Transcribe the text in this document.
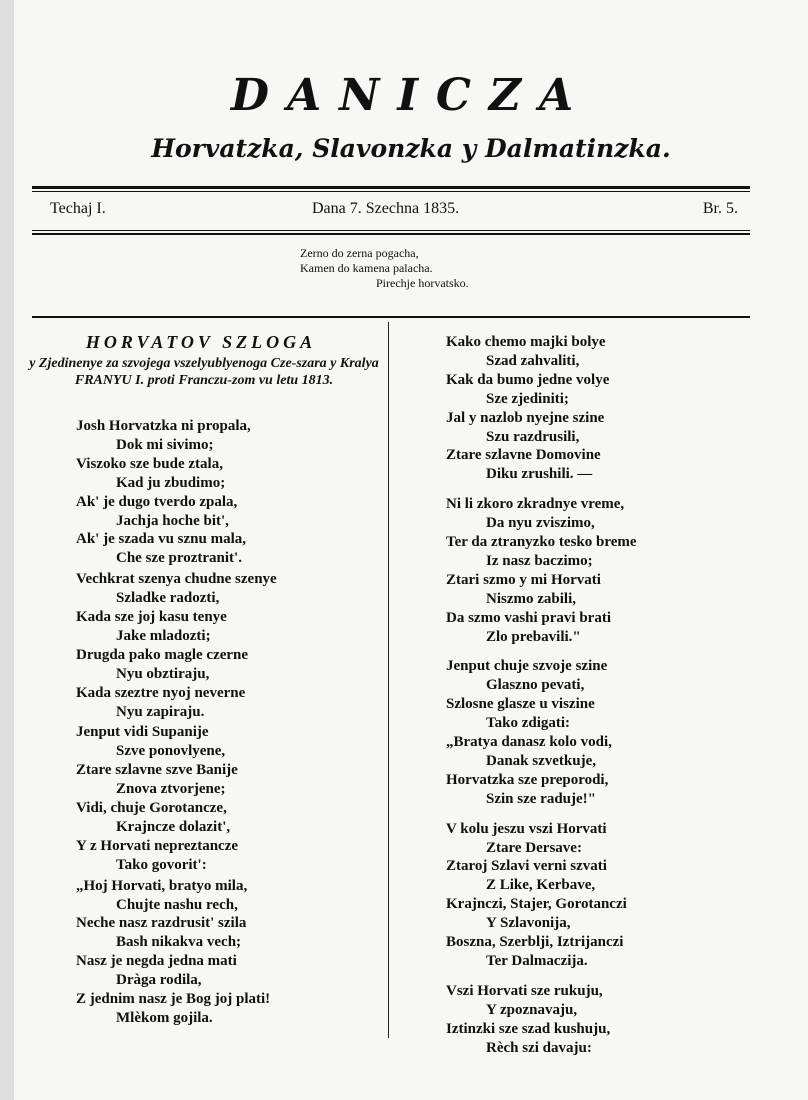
DANICZA
Horvatzka, Slavonzka y Dalmatinzka.
Techaj I.	Dana 7. Szechna 1835.	Br. 5.
Zerno do zerna pogacha,
Kamen do kamena palacha.
Pirechje horvatsko.
HORVATOV SZLOGA
y Zjedinenye za szvojega vszelyublyenoga Cze-szara y Kralya FRANYU I. proti Franczu-zom vu letu 1813.
Josh Horvatzka ni propala,
Dok mi sivimo;
Viszoko sze bude ztala,
Kad ju zbudimo;
Ak' je dugo tverdo zpala,
Jachja hoche bit',
Ak' je szada vu sznu mala,
Che sze proztranit'.
Vechkrat szenya chudne szenye
Szladke radozti,
Kada sze joj kasu tenye
Jake mladozti;
Drugda pako magle czerne
Nyu obztiraju,
Kada szeztre nyoj neverne
Nyu zapiraju.
Jenput vidi Supanije
Szve ponovlyene,
Ztare szlavne szve Banije
Znova ztvorjene;
Vidi, chuje Gorotancze,
Krajncze dolazit',
Y z Horvati nepreztancze
Tako govorit':
„Hoj Horvati, bratyo mila,
Chujte nashu rech,
Neche nasz razdrusit' szila
Bash nikakva vech;
Nasz je negda jedna mati
Dràga rodila,
Z jednim nasz je Bog joj plati!
Mlèkom gojila.
Kako chemo majki bolye
Szad zahvaliti,
Kak da bumo jedne volye
Sze zjediniti;
Jal y nazlob nyejne szine
Szu razdrusili,
Ztare szlavne Domovine
Diku zrushili. —
Ni li zkoro zkradnye vreme,
Da nyu zviszimo,
Ter da ztranyzko tesko breme
Iz nasz baczimo;
Ztari szmo y mi Horvati
Niszmo zabili,
Da szmo vashi pravi brati
Zlo prebavili."
Jenput chuje szvoje szine
Glaszno pevati,
Szlosne glasze u viszine
Tako zdigati:
„Bratya danasz kolo vodi,
Danak szvetkuje,
Horvatzka sze preporodi,
Szin sze raduje!"
V kolu jeszu vszi Horvati
Ztare Dersave:
Ztaroj Szlavi verni szvati
Z Like, Kerbave,
Krajnczi, Stajer, Gorotanczi
Y Szlavonija,
Boszna, Szerblji, Iztrijanczi
Ter Dalmaczija.
Vszi Horvati sze rukuju,
Y zpoznavaju,
Iztinzki sze szad kushuju,
Rèch szi davaju:
